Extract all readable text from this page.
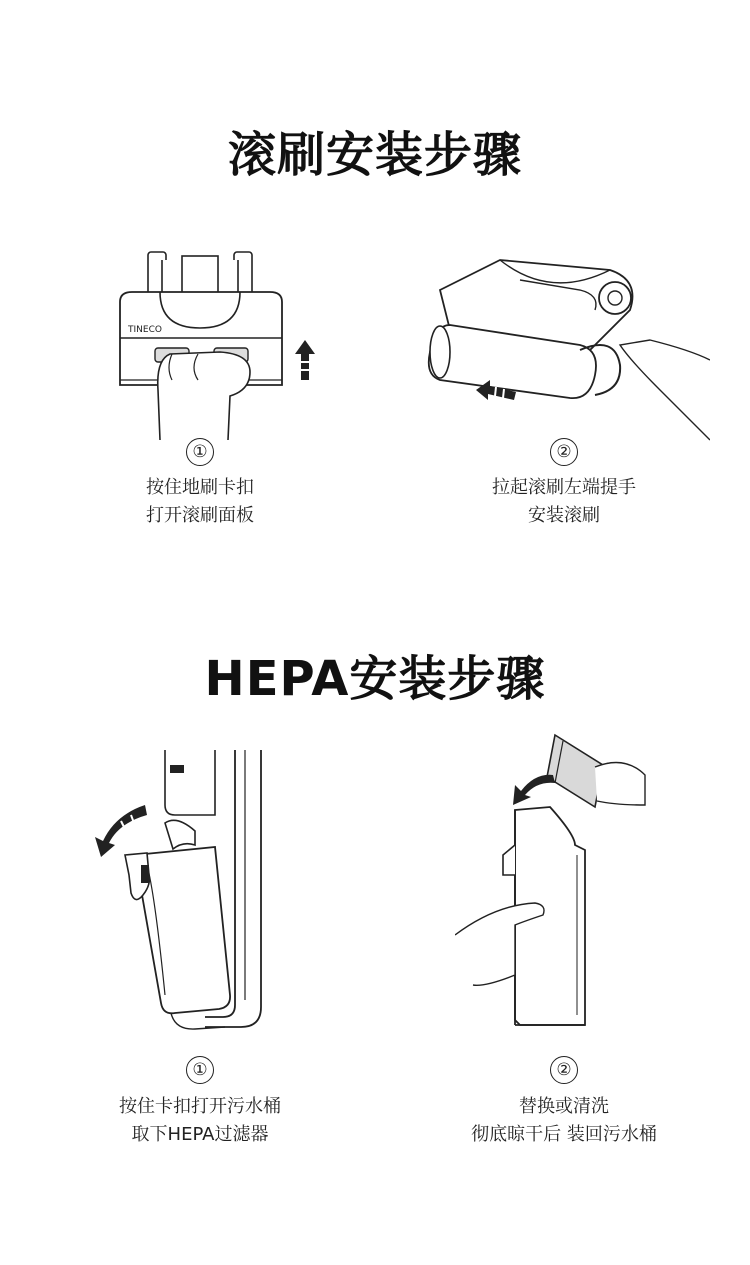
滚刷安装步骤
TINECO
①	②
按住地刷卡扣
打开滚刷面板
拉起滚刷左端提手
安装滚刷
HEPA安装步骤
①	②
按住卡扣打开污水桶
取下HEPA过滤器
替换或清洗
彻底晾干后 装回污水桶
